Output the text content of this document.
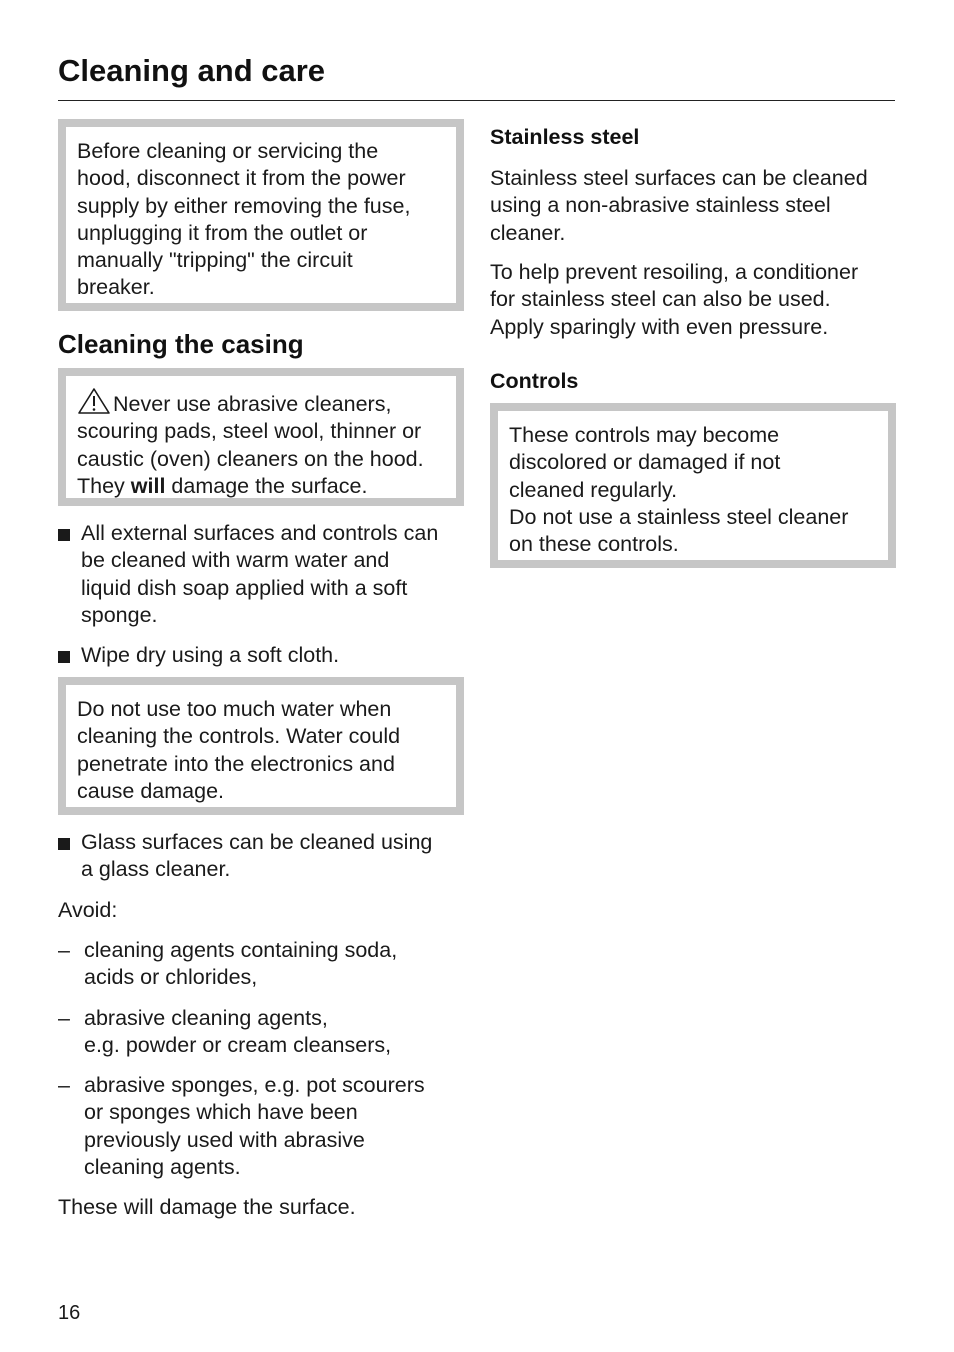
Cleaning and care

Before cleaning or servicing the
hood, disconnect it from the power
supply by either removing the fuse,
unplugging it from the outlet or
manually "tripping" the circuit
breaker.

Cleaning the casing

Never use abrasive cleaners,
scouring pads, steel wool, thinner or
caustic (oven) cleaners on the hood.
They will damage the surface.

All external surfaces and controls can
be cleaned with warm water and
liquid dish soap applied with a soft
sponge.
Wipe dry using a soft cloth.

Do not use too much water when
cleaning the controls. Water could
penetrate into the electronics and
cause damage.

Glass surfaces can be cleaned using
a glass cleaner.

Avoid:

– cleaning agents containing soda,
acids or chlorides,
– abrasive cleaning agents,
e.g. powder or cream cleansers,
– abrasive sponges, e.g. pot scourers
or sponges which have been
previously used with abrasive
cleaning agents.

These will damage the surface.

Stainless steel

Stainless steel surfaces can be cleaned
using a non-abrasive stainless steel
cleaner.

To help prevent resoiling, a conditioner
for stainless steel can also be used.
Apply sparingly with even pressure.

Controls

These controls may become
discolored or damaged if not
cleaned regularly.
Do not use a stainless steel cleaner
on these controls.

16
